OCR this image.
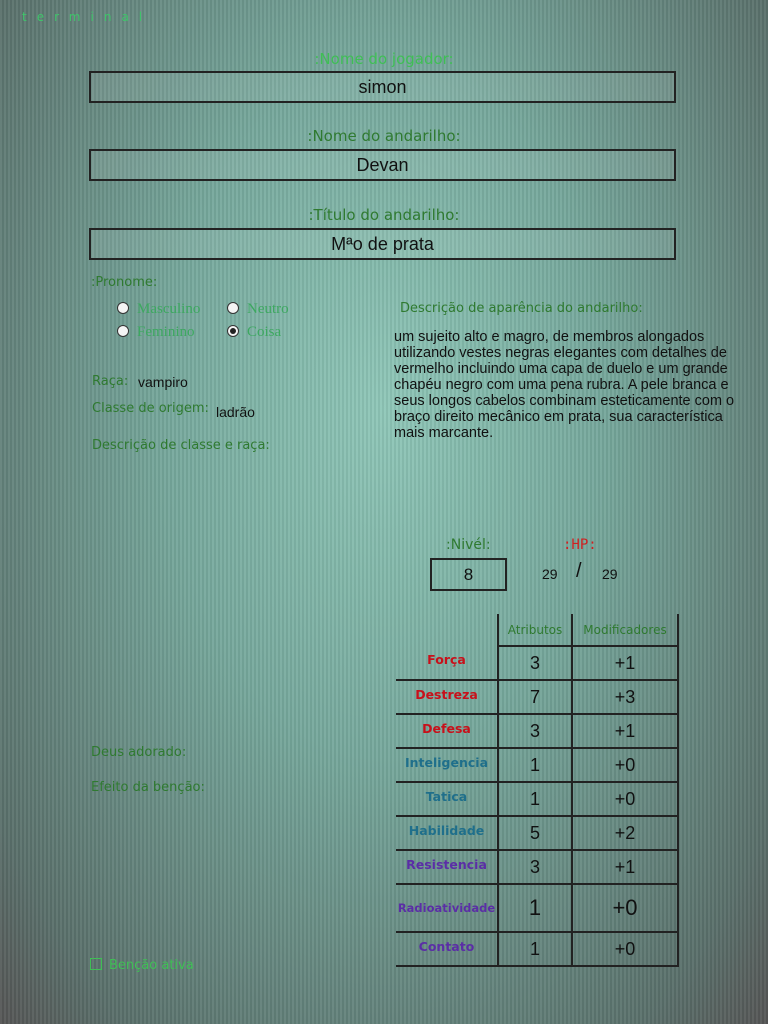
terminal
:Nome do jogador:
simon
:Nome do andarilho:
Devan
:Título do andarilho:
Mªo de prata
:Pronome:
Masculino	Neutro
Feminino	Coisa
Descrição de aparência do andarilho:
um sujeito alto e magro, de membros alongados utilizando vestes negras elegantes com detalhes de vermelho incluindo uma capa de duelo e um grande chapéu negro com uma pena rubra. A pele branca e seus longos cabelos combinam esteticamente com o braço direito mecânico em prata, sua característica mais marcante.
Raça: vampiro
Classe de origem: ladrão
Descrição de classe e raça:
:Nivél:
8
:HP:
29 / 29
	Atributos	Modificadores
Força	3	+1
Destreza	7	+3
Defesa	3	+1
Inteligencia	1	+0
Tatica	1	+0
Habilidade	5	+2
Resistencia	3	+1
Radioatividade	1	+0
Contato	1	+0
Deus adorado:
Efeito da benção:
Benção ativa
